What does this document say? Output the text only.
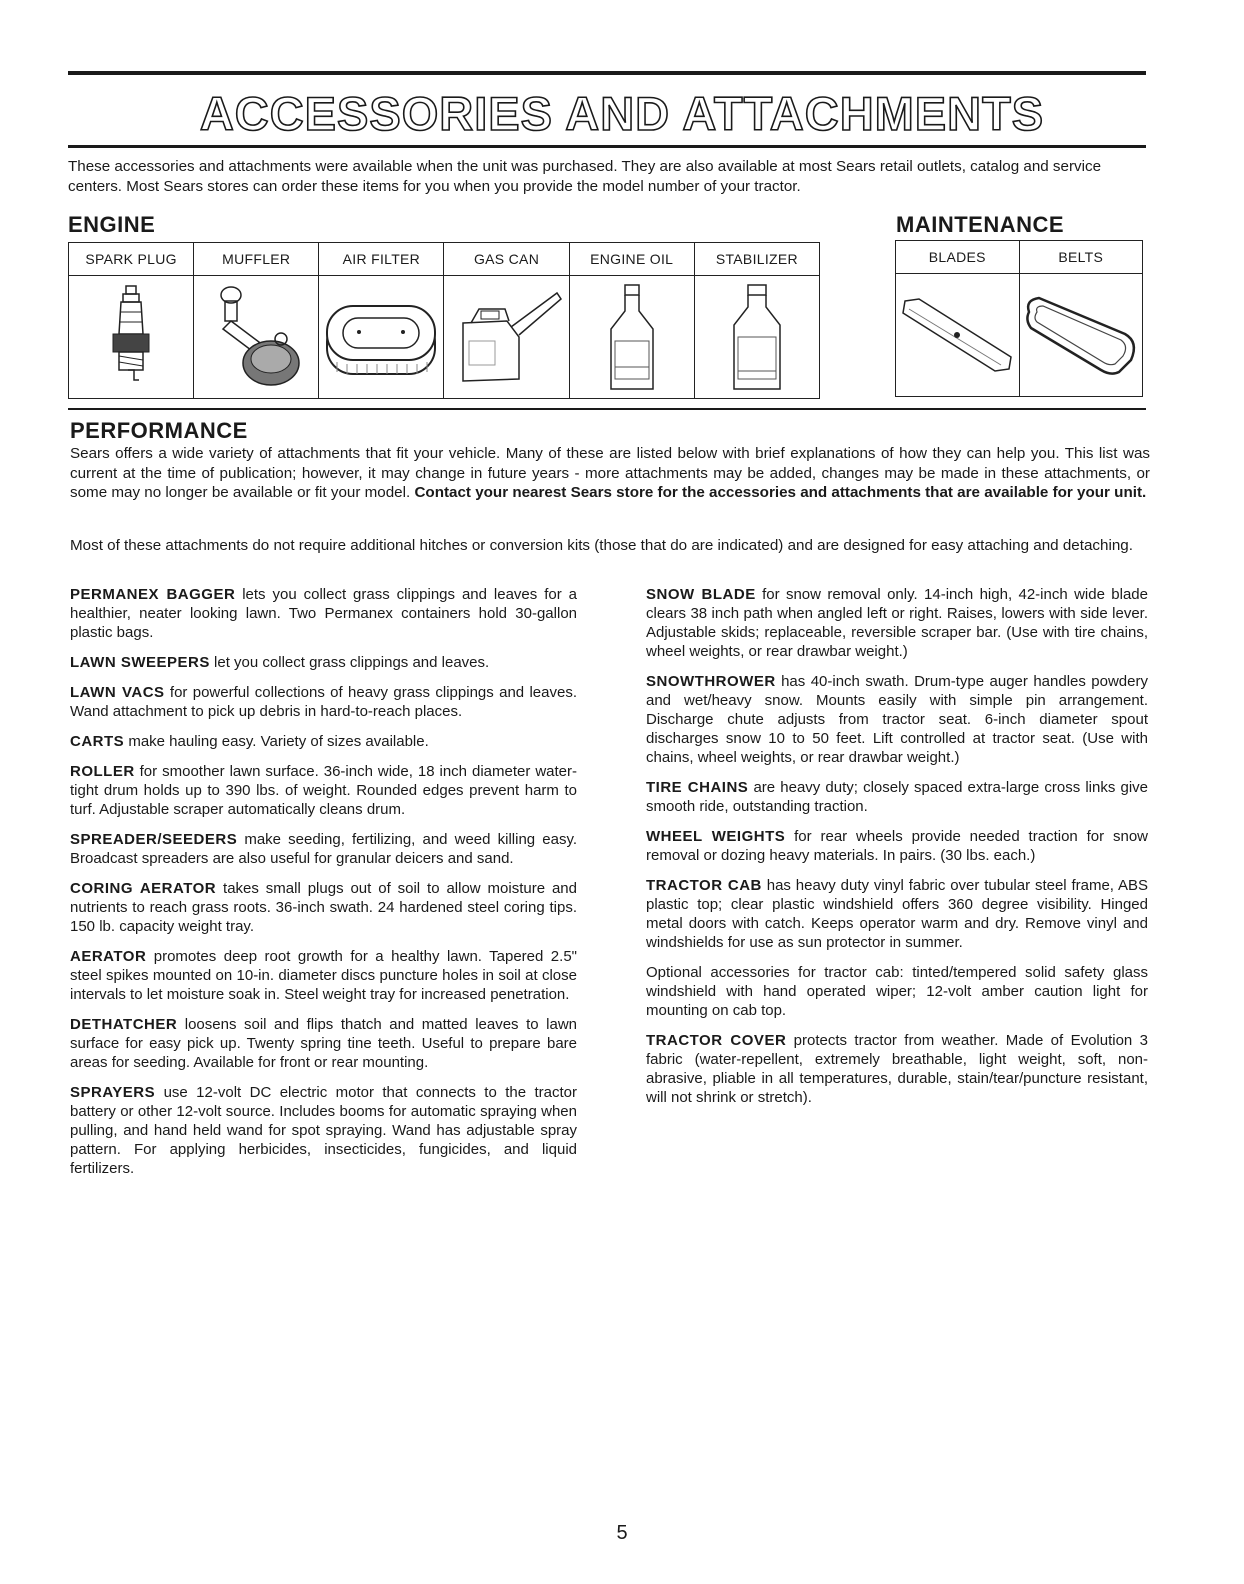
ACCESSORIES AND ATTACHMENTS

These accessories and attachments were available when the unit was purchased. They are also available at most Sears retail outlets, catalog and service centers. Most Sears stores can order these items for you when you provide the model number of your tractor.

ENGINE
SPARK PLUG	MUFFLER	AIR FILTER	GAS CAN	ENGINE OIL	STABILIZER

MAINTENANCE
BLADES	BELTS

PERFORMANCE

Sears offers a wide variety of attachments that fit your vehicle. Many of these are listed below with brief explanations of how they can help you. This list was current at the time of publication; however, it may change in future years - more attachments may be added, changes may be made in these attachments, or some may no longer be available or fit your model. Contact your nearest Sears store for the accessories and attachments that are available for your unit.

Most of these attachments do not require additional hitches or conversion kits (those that do are indicated) and are designed for easy attaching and detaching.

PERMANEX BAGGER lets you collect grass clippings and leaves for a healthier, neater looking lawn. Two Permanex containers hold 30-gallon plastic bags.

LAWN SWEEPERS let you collect grass clippings and leaves.

LAWN VACS for powerful collections of heavy grass clippings and leaves. Wand attachment to pick up debris in hard-to-reach places.

CARTS make hauling easy. Variety of sizes available.

ROLLER for smoother lawn surface. 36-inch wide, 18 inch diameter water-tight drum holds up to 390 lbs. of weight. Rounded edges prevent harm to turf. Adjustable scraper automatically cleans drum.

SPREADER/SEEDERS make seeding, fertilizing, and weed killing easy. Broadcast spreaders are also useful for granular deicers and sand.

CORING AERATOR takes small plugs out of soil to allow moisture and nutrients to reach grass roots. 36-inch swath. 24 hardened steel coring tips. 150 lb. capacity weight tray.

AERATOR promotes deep root growth for a healthy lawn. Tapered 2.5" steel spikes mounted on 10-in. diameter discs puncture holes in soil at close intervals to let moisture soak in. Steel weight tray for increased penetration.

DETHATCHER loosens soil and flips thatch and matted leaves to lawn surface for easy pick up. Twenty spring tine teeth. Useful to prepare bare areas for seeding. Available for front or rear mounting.

SPRAYERS use 12-volt DC electric motor that connects to the tractor battery or other 12-volt source. Includes booms for automatic spraying when pulling, and hand held wand for spot spraying. Wand has adjustable spray pattern. For applying herbicides, insecticides, fungicides, and liquid fertilizers.

SNOW BLADE for snow removal only. 14-inch high, 42-inch wide blade clears 38 inch path when angled left or right. Raises, lowers with side lever. Adjustable skids; replaceable, reversible scraper bar. (Use with tire chains, wheel weights, or rear drawbar weight.)

SNOWTHROWER has 40-inch swath. Drum-type auger handles powdery and wet/heavy snow. Mounts easily with simple pin arrangement. Discharge chute adjusts from tractor seat. 6-inch diameter spout discharges snow 10 to 50 feet. Lift controlled at tractor seat. (Use with chains, wheel weights, or rear drawbar weight.)

TIRE CHAINS are heavy duty; closely spaced extra-large cross links give smooth ride, outstanding traction.

WHEEL WEIGHTS for rear wheels provide needed traction for snow removal or dozing heavy materials. In pairs. (30 lbs. each.)

TRACTOR CAB has heavy duty vinyl fabric over tubular steel frame, ABS plastic top; clear plastic windshield offers 360 degree visibility. Hinged metal doors with catch. Keeps operator warm and dry. Remove vinyl and windshields for use as sun protector in summer.

Optional accessories for tractor cab: tinted/tempered solid safety glass windshield with hand operated wiper; 12-volt amber caution light for mounting on cab top.

TRACTOR COVER protects tractor from weather. Made of Evolution 3 fabric (water-repellent, extremely breathable, light weight, soft, non-abrasive, pliable in all temperatures, durable, stain/tear/puncture resistant, will not shrink or stretch).

5
